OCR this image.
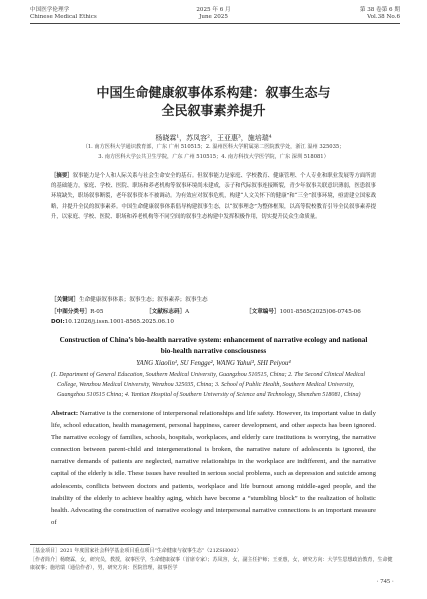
中国医学伦理学
Chinese Medical Ethics
2025 年 6 月
June 2025
第 38 卷第 6 期
Vol.38 No.6
中国生命健康叙事体系构建：叙事生态与
全民叙事素养提升
杨晓霖¹，苏凤容²，王亚惠³，施培瑞⁴
（1. 南方医科大学通识教育部，广东 广州 510515；2. 温州医科大学附属第二医院教学处，浙江 温州 325035；
3. 南方医科大学公共卫生学院，广东 广州 510515；4. 南方科技大学医学院，广东 深圳 518081）
［摘要］叙事能力是个人和人际关系与社会生命安全的基石。但叙事能力是家庭、学校教育、健康管理、个人专业和职业发展等方面所需的基础能力，家庭、学校、医院、职场和养老机构等叙事环境尚未建成，亲子和代际叙事连接断裂，青少年叙事关联意识薄弱，医患叙事环境缺失，职场叙事断裂，老年叙事资本不被调动。为有效应对叙事危机，构建“人文关怀下的健康”和“三全”叙事环境，亟需建立国家战略，并提升全民的叙事素养。中国生命健康叙事体系倡导构建叙事生态，以“叙事理念”为整体框架，以高等院校教育引导全民叙事素养提升，以家庭、学校、医院、职场和养老机构等不同空间的叙事生态构建中发挥积极作用，切实提升民众生命质量。
［关键词］生命健康叙事体系；叙事生态；叙事素养；叙事生态
［中图分类号］R-05	［文献标志码］A	［文章编号］1001-8565(2025)06-0745-06
DOI:10.12026/j.issn.1001-8565.2025.06.10
Construction of China’s bio-health narrative system: enhancement of narrative ecology and national
bio-health narrative consciousness
YANG Xiaolin¹, SU Fengge², WANG Yahui³, SHI Peiyou⁴
(1. Department of General Education, Southern Medical University, Guangzhou 510515, China; 2. The Second Clinical Medical College, Wenzhou Medical University, Wenzhou 325035, China; 3. School of Public Health, Southern Medical University, Guangzhou 510515 China; 4. Yantian Hospital of Southern University of Science and Technology, Shenzhen 518081, China)
Abstract: Narrative is the cornerstone of interpersonal relationships and life safety. However, its important value in daily life, school education, health management, personal happiness, career development, and other aspects has been ignored. The narrative ecology of families, schools, hospitals, workplaces, and elderly care institutions is worrying, the narrative connection between parent-child and intergenerational is broken, the narrative nature of adolescents is ignored, the narrative demands of patients are neglected, narrative relationships in the workplace are indifferent, and the narrative capital of the elderly is idle. These issues have resulted in serious social problems, such as depression and suicide among adolescents, conflicts between doctors and patients, workplace and life burnout among middle-aged people, and the inability of the elderly to achieve healthy aging, which have become a “stumbling block” to the realization of holistic health. Advocating the construction of narrative ecology and interpersonal narrative connections is an important measure of
［基金项目］2021 年度国家社会科学基金项目重点项目“生命健康与叙事生态”（21ZSH002）
［作者简介］杨晓霖，女，研究员，教授，叙事医学，生命健康叙事（首席专家）；苏凤容，女，副主任护师；王亚惠，女，研究方向：大学生思想政治教育，生命健康叙事；施培瑞（通信作者），男，研究方向：医院管理，叙事医学
· 745 ·
